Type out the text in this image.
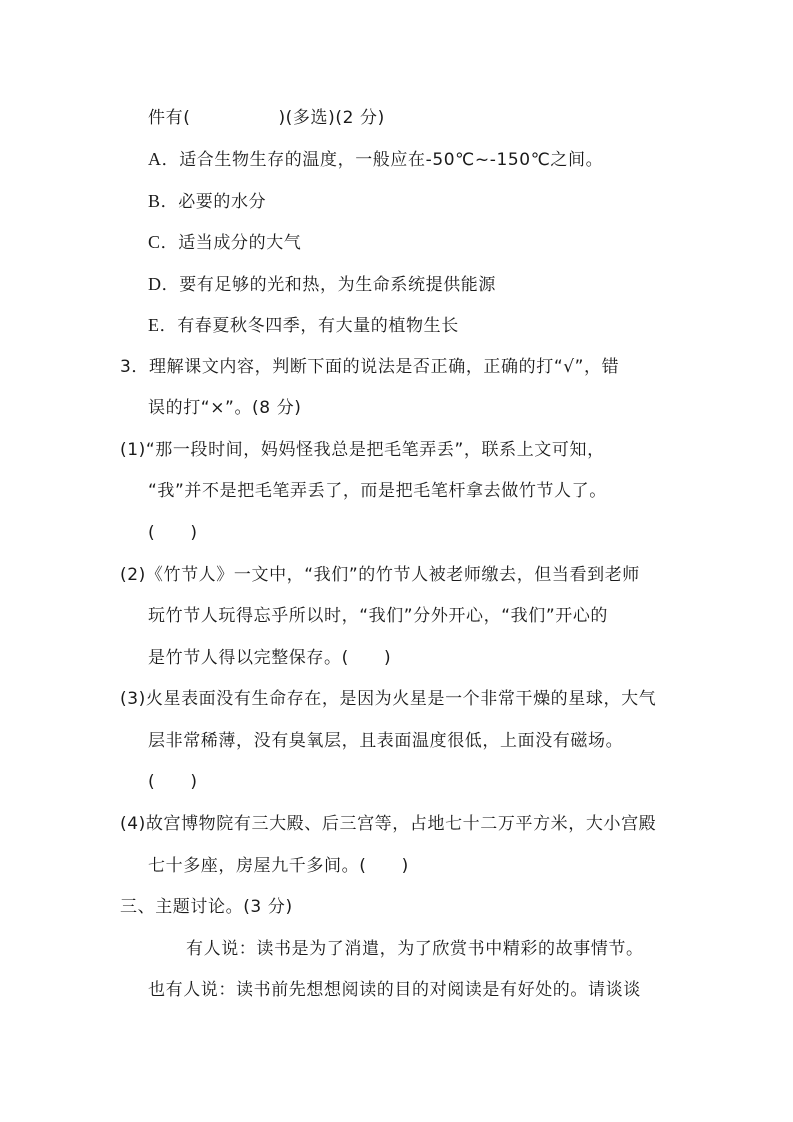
件有(	)(多选)(2 分)
A．适合生物生存的温度，一般应在-50℃~-150℃之间。
B．必要的水分
C．适当成分的大气
D．要有足够的光和热，为生命系统提供能源
E．有春夏秋冬四季，有大量的植物生长
3．理解课文内容，判断下面的说法是否正确，正确的打“√”，错
误的打“×”。(8 分)
(1)“那一段时间，妈妈怪我总是把毛笔弄丢”，联系上文可知，
“我”并不是把毛笔弄丢了，而是把毛笔杆拿去做竹节人了。
(　　)
(2)《竹节人》一文中，“我们”的竹节人被老师缴去，但当看到老师
玩竹节人玩得忘乎所以时，“我们”分外开心，“我们”开心的
是竹节人得以完整保存。(　　)
(3)火星表面没有生命存在，是因为火星是一个非常干燥的星球，大气
层非常稀薄，没有臭氧层，且表面温度很低，上面没有磁场。
(　　)
(4)故宫博物院有三大殿、后三宫等，占地七十二万平方米，大小宫殿
七十多座，房屋九千多间。(　　)
三、主题讨论。(3 分)
有人说：读书是为了消遣，为了欣赏书中精彩的故事情节。
也有人说：读书前先想想阅读的目的对阅读是有好处的。请谈谈
